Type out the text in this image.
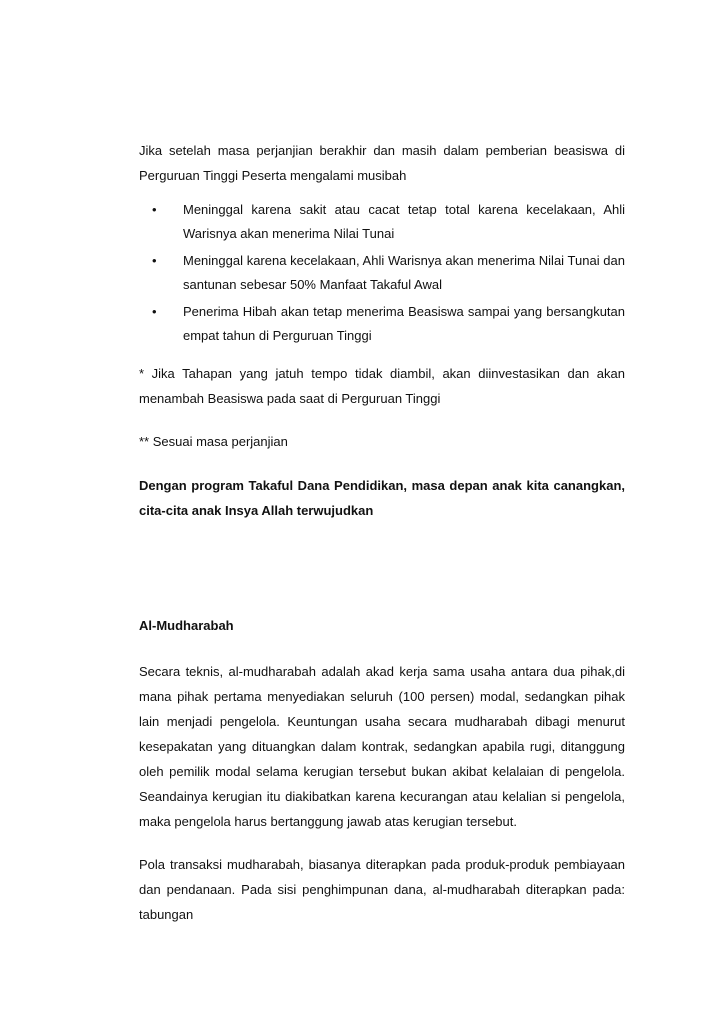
Jika setelah masa perjanjian berakhir dan masih dalam pemberian beasiswa di Perguruan Tinggi Peserta mengalami musibah

• Meninggal karena sakit atau cacat tetap total karena kecelakaan, Ahli Warisnya akan menerima Nilai Tunai
• Meninggal karena kecelakaan, Ahli Warisnya akan menerima Nilai Tunai dan santunan sebesar 50% Manfaat Takaful Awal
• Penerima Hibah akan tetap menerima Beasiswa sampai yang bersangkutan empat tahun di Perguruan Tinggi

* Jika Tahapan yang jatuh tempo tidak diambil, akan diinvestasikan dan akan menambah Beasiswa pada saat di Perguruan Tinggi

** Sesuai masa perjanjian

Dengan program Takaful Dana Pendidikan, masa depan anak kita canangkan, cita-cita anak Insya Allah terwujudkan

Al-Mudharabah

Secara teknis, al-mudharabah adalah akad kerja sama usaha antara dua pihak,di mana pihak pertama menyediakan seluruh (100 persen) modal, sedangkan pihak lain menjadi pengelola. Keuntungan usaha secara mudharabah dibagi menurut kesepakatan yang dituangkan dalam kontrak, sedangkan apabila rugi, ditanggung oleh pemilik modal selama kerugian tersebut bukan akibat kelalaian di pengelola. Seandainya kerugian itu diakibatkan karena kecurangan atau kelalian si pengelola, maka pengelola harus bertanggung jawab atas kerugian tersebut.

Pola transaksi mudharabah, biasanya diterapkan pada produk-produk pembiayaan dan pendanaan. Pada sisi penghimpunan dana, al-mudharabah diterapkan pada: tabungan
